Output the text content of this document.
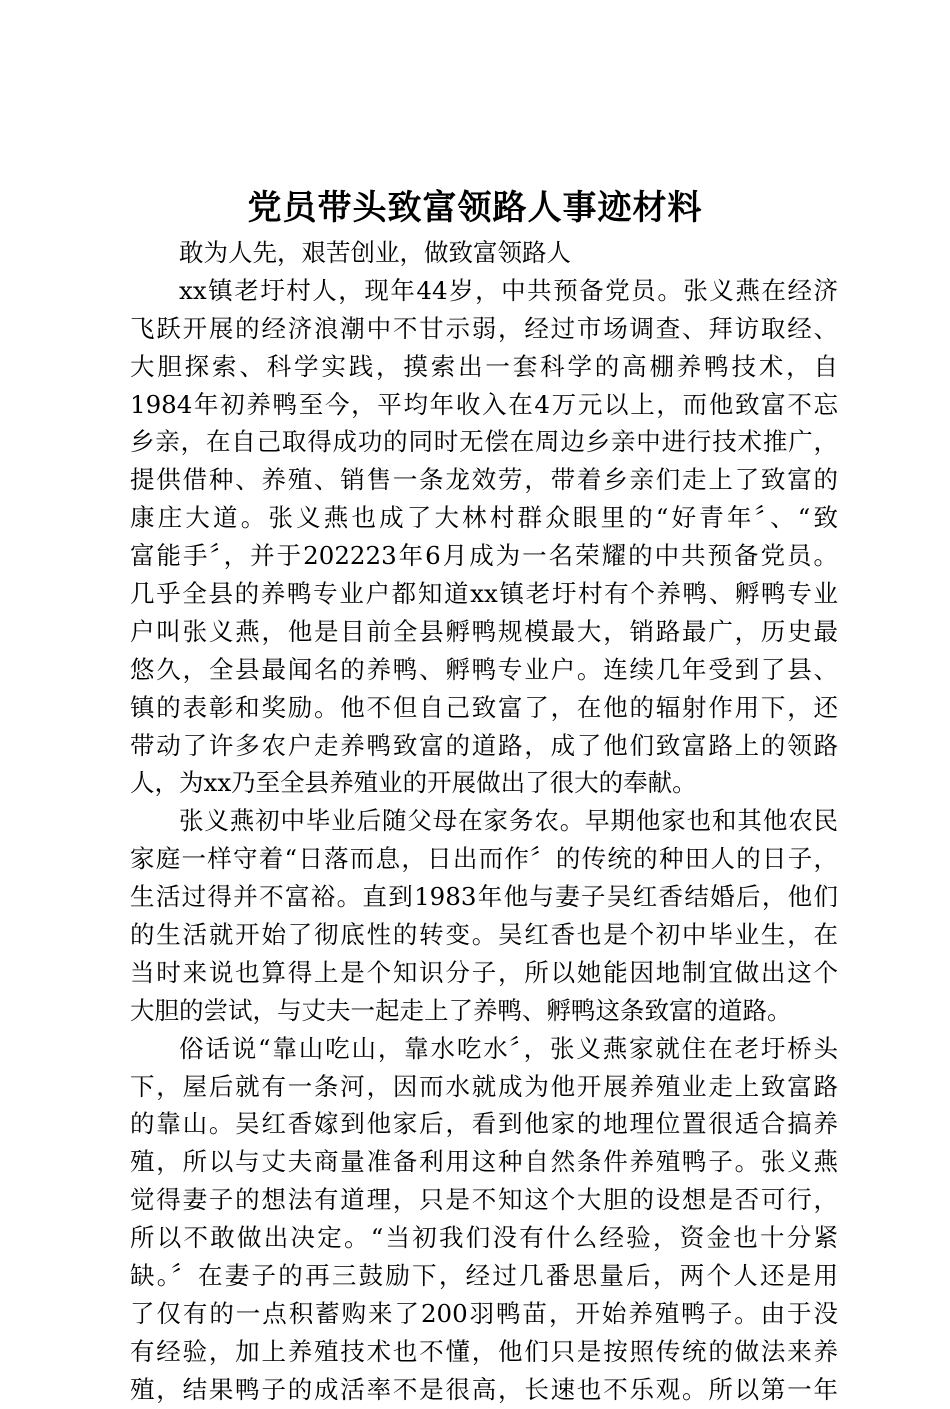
党员带头致富领路人事迹材料
敢为人先，艰苦创业，做致富领路人
xx镇老圩村人，现年44岁，中共预备党员。张义燕在经济
飞跃开展的经济浪潮中不甘示弱，经过市场调查、拜访取经、
大胆探索、科学实践，摸索出一套科学的高棚养鸭技术，自
1984年初养鸭至今，平均年收入在4万元以上，而他致富不忘
乡亲，在自己取得成功的同时无偿在周边乡亲中进行技术推广，
提供借种、养殖、销售一条龙效劳，带着乡亲们走上了致富的
康庄大道。张义燕也成了大林村群众眼里的“好青年〞、“致
富能手〞，并于202223年6月成为一名荣耀的中共预备党员。
几乎全县的养鸭专业户都知道xx镇老圩村有个养鸭、孵鸭专业
户叫张义燕，他是目前全县孵鸭规模最大，销路最广，历史最
悠久，全县最闻名的养鸭、孵鸭专业户。连续几年受到了县、
镇的表彰和奖励。他不但自己致富了，在他的辐射作用下，还
带动了许多农户走养鸭致富的道路，成了他们致富路上的领路
人，为xx乃至全县养殖业的开展做出了很大的奉献。
张义燕初中毕业后随父母在家务农。早期他家也和其他农民
家庭一样守着“日落而息，日出而作〞的传统的种田人的日子，
生活过得并不富裕。直到1983年他与妻子吴红香结婚后，他们
的生活就开始了彻底性的转变。吴红香也是个初中毕业生，在
当时来说也算得上是个知识分子，所以她能因地制宜做出这个
大胆的尝试，与丈夫一起走上了养鸭、孵鸭这条致富的道路。
俗话说“靠山吃山，靠水吃水〞，张义燕家就住在老圩桥头
下，屋后就有一条河，因而水就成为他开展养殖业走上致富路
的靠山。吴红香嫁到他家后，看到他家的地理位置很适合搞养
殖，所以与丈夫商量准备利用这种自然条件养殖鸭子。张义燕
觉得妻子的想法有道理，只是不知这个大胆的设想是否可行，
所以不敢做出决定。“当初我们没有什么经验，资金也十分紧
缺。〞在妻子的再三鼓励下，经过几番思量后，两个人还是用
了仅有的一点积蓄购来了200羽鸭苗，开始养殖鸭子。由于没
有经验，加上养殖技术也不懂，他们只是按照传统的做法来养
殖，结果鸭子的成活率不是很高，长速也不乐观。所以第一年
